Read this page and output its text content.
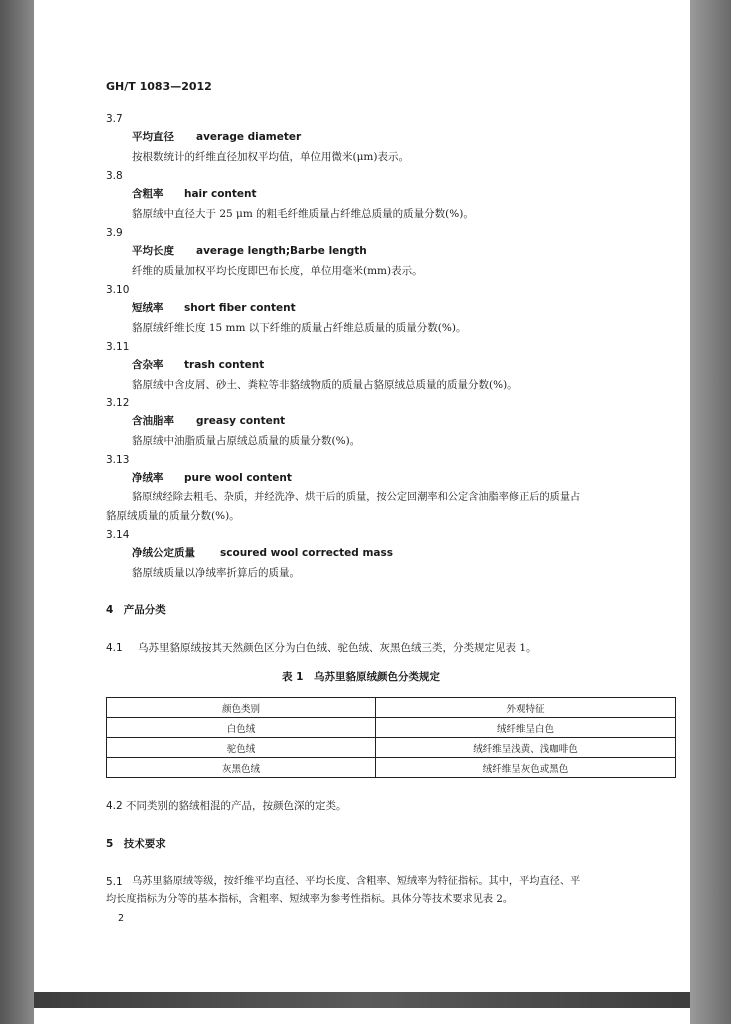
GH/T 1083—2012
3.7
平均直径 average diameter
按根数统计的纤维直径加权平均值，单位用微米(μm)表示。
3.8
含粗率 hair content
貉原绒中直径大于 25 μm 的粗毛纤维质量占纤维总质量的质量分数(%)。
3.9
平均长度 average length;Barbe length
纤维的质量加权平均长度即巴布长度，单位用毫米(mm)表示。
3.10
短绒率 short fiber content
貉原绒纤维长度 15 mm 以下纤维的质量占纤维总质量的质量分数(%)。
3.11
含杂率 trash content
貉原绒中含皮屑、砂土、粪粒等非貉绒物质的质量占貉原绒总质量的质量分数(%)。
3.12
含油脂率 greasy content
貉原绒中油脂质量占原绒总质量的质量分数(%)。
3.13
净绒率 pure wool content
貉原绒经除去粗毛、杂质，并经洗净、烘干后的质量，按公定回潮率和公定含油脂率修正后的质量占
貉原绒质量的质量分数(%)。
3.14
净绒公定质量 scoured wool corrected mass
貉原绒质量以净绒率折算后的质量。
4　产品分类
4.1 乌苏里貉原绒按其天然颜色区分为白色绒、驼色绒、灰黑色绒三类，分类规定见表 1。
表 1　乌苏里貉原绒颜色分类规定
颜色类别	外观特征
白色绒	绒纤维呈白色
驼色绒	绒纤维呈浅黄、浅咖啡色
灰黑色绒	绒纤维呈灰色或黑色
4.2 不同类别的貉绒相混的产品，按颜色深的定类。
5　技术要求
5.1 乌苏里貉原绒等级，按纤维平均直径、平均长度、含粗率、短绒率为特征指标。其中，平均直径、平
均长度指标为分等的基本指标，含粗率、短绒率为参考性指标。具体分等技术要求见表 2。
2
